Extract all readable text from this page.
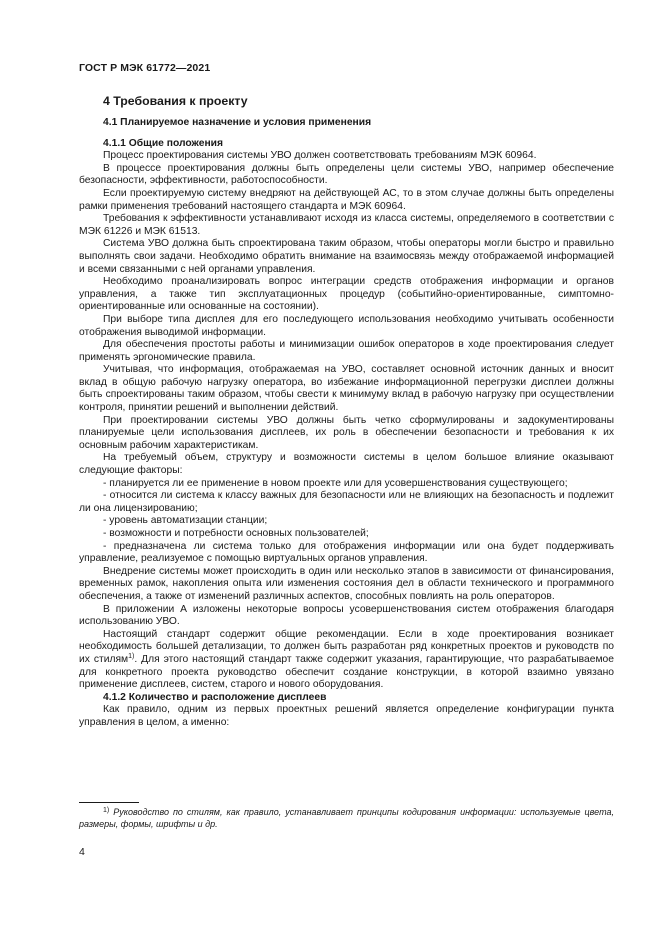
ГОСТ Р МЭК 61772—2021
4 Требования к проекту
4.1 Планируемое назначение и условия применения
4.1.1 Общие положения

Процесс проектирования системы УВО должен соответствовать требованиям МЭК 60964.

В процессе проектирования должны быть определены цели системы УВО, например обеспечение безопасности, эффективности, работоспособности.

Если проектируемую систему внедряют на действующей АС, то в этом случае должны быть определены рамки применения требований настоящего стандарта и МЭК 60964.

Требования к эффективности устанавливают исходя из класса системы, определяемого в соответствии с МЭК 61226 и МЭК 61513.

Система УВО должна быть спроектирована таким образом, чтобы операторы могли быстро и правильно выполнять свои задачи. Необходимо обратить внимание на взаимосвязь между отображаемой информацией и всеми связанными с ней органами управления.

Необходимо проанализировать вопрос интеграции средств отображения информации и органов управления, а также тип эксплуатационных процедур (событийно-ориентированные, симптомно-ориентированные или основанные на состоянии).

При выборе типа дисплея для его последующего использования необходимо учитывать особенности отображения выводимой информации.

Для обеспечения простоты работы и минимизации ошибок операторов в ходе проектирования следует применять эргономические правила.

Учитывая, что информация, отображаемая на УВО, составляет основной источник данных и вносит вклад в общую рабочую нагрузку оператора, во избежание информационной перегрузки дисплеи должны быть спроектированы таким образом, чтобы свести к минимуму вклад в рабочую нагрузку при осуществлении контроля, принятии решений и выполнении действий.

При проектировании системы УВО должны быть четко сформулированы и задокументированы планируемые цели использования дисплеев, их роль в обеспечении безопасности и требования к их основным рабочим характеристикам.

На требуемый объем, структуру и возможности системы в целом большое влияние оказывают следующие факторы:

- планируется ли ее применение в новом проекте или для усовершенствования существующего;

- относится ли система к классу важных для безопасности или не влияющих на безопасность и подлежит ли она лицензированию;

- уровень автоматизации станции;

- возможности и потребности основных пользователей;

- предназначена ли система только для отображения информации или она будет поддерживать управление, реализуемое с помощью виртуальных органов управления.

Внедрение системы может происходить в один или несколько этапов в зависимости от финансирования, временных рамок, накопления опыта или изменения состояния дел в области технического и программного обеспечения, а также от изменений различных аспектов, способных повлиять на роль операторов.

В приложении А изложены некоторые вопросы усовершенствования систем отображения благодаря использованию УВО.

Настоящий стандарт содержит общие рекомендации. Если в ходе проектирования возникает необходимость большей детализации, то должен быть разработан ряд конкретных проектов и руководств по их стилям$^{1)}$. Для этого настоящий стандарт также содержит указания, гарантирующие, что разрабатываемое для конкретного проекта руководство обеспечит создание конструкции, в которой взаимно увязано применение дисплеев, систем, старого и нового оборудования.

4.1.2 Количество и расположение дисплеев

Как правило, одним из первых проектных решений является определение конфигурации пункта управления в целом, а именно:

$^{1)}$ Руководство по стилям, как правило, устанавливает принципы кодирования информации: используемые цвета, размеры, формы, шрифты и др.
4
